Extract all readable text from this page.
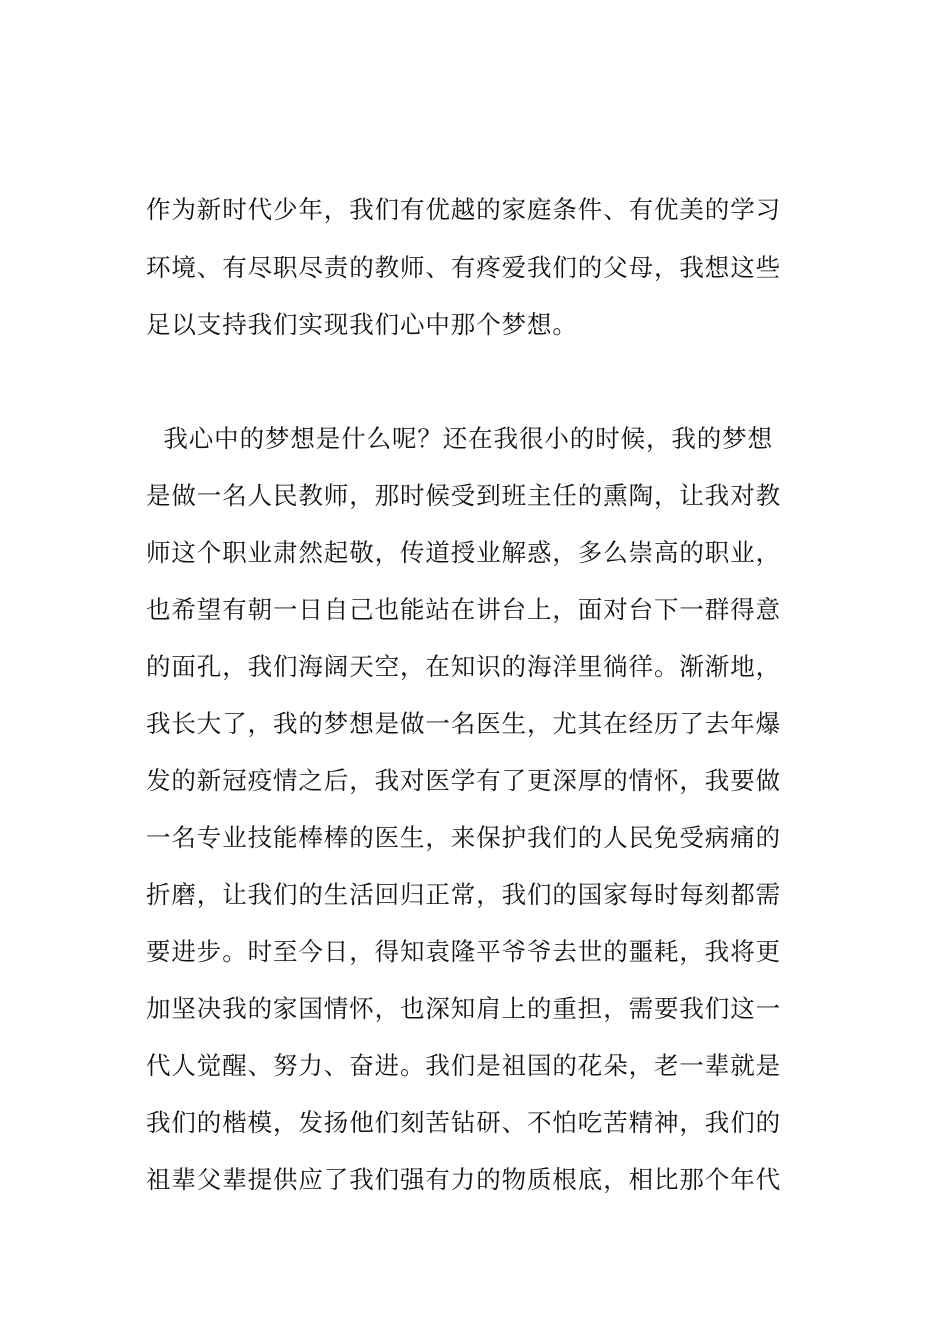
作为新时代少年，我们有优越的家庭条件、有优美的学习
环境、有尽职尽责的教师、有疼爱我们的父母，我想这些
足以支持我们实现我们心中那个梦想。
我心中的梦想是什么呢？还在我很小的时候，我的梦想
是做一名人民教师，那时候受到班主任的熏陶，让我对教
师这个职业肃然起敬，传道授业解惑，多么崇高的职业，
也希望有朝一日自己也能站在讲台上，面对台下一群得意
的面孔，我们海阔天空，在知识的海洋里徜徉。渐渐地，
我长大了，我的梦想是做一名医生，尤其在经历了去年爆
发的新冠疫情之后，我对医学有了更深厚的情怀，我要做
一名专业技能棒棒的医生，来保护我们的人民免受病痛的
折磨，让我们的生活回归正常，我们的国家每时每刻都需
要进步。时至今日，得知袁隆平爷爷去世的噩耗，我将更
加坚决我的家国情怀，也深知肩上的重担，需要我们这一
代人觉醒、努力、奋进。我们是祖国的花朵，老一辈就是
我们的楷模，发扬他们刻苦钻研、不怕吃苦精神，我们的
祖辈父辈提供应了我们强有力的物质根底，相比那个年代
